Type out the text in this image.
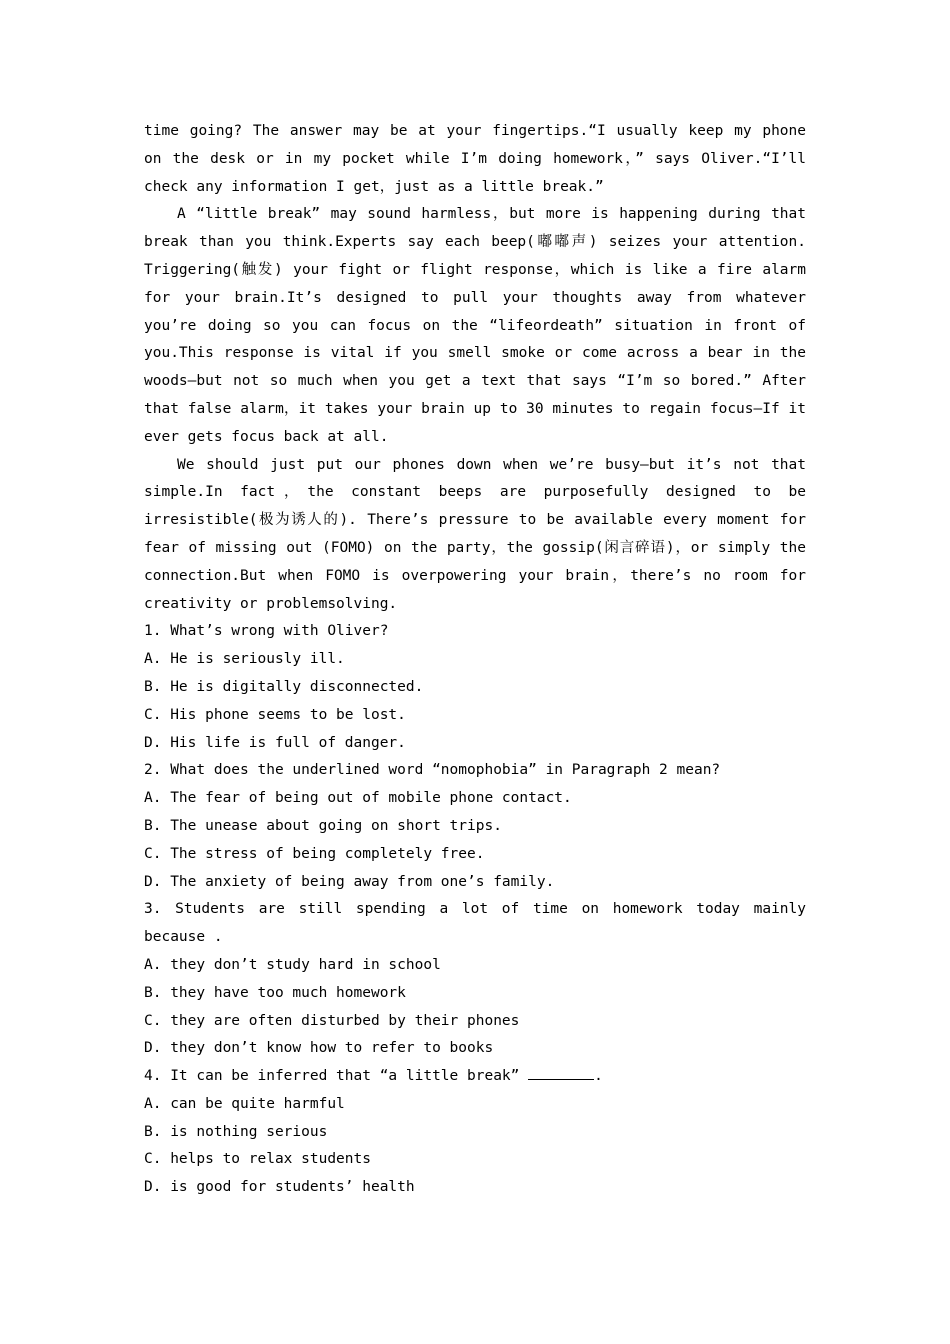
time going? The answer may be at your fingertips.“I usually keep my phone on the desk or in my pocket while I’m doing homework，” says Oliver.“I’ll check any information I get，just as a little break.”

A “little break” may sound harmless，but more is happening during that break than you think.Experts say each beep(嘟嘟声) seizes your attention. Triggering(触发) your fight or flight response，which is like a fire alarm for your brain.It’s designed to pull your thoughts away from whatever you’re doing so you can focus on the “lifeordeath” situation in front of you.This response is vital if you smell smoke or come across a bear in the woods—but not so much when you get a text that says “I’m so bored.” After that false alarm，it takes your brain up to 30 minutes to regain focus—If it ever gets focus back at all.

We should just put our phones down when we’re busy—but it’s not that simple.In fact，the constant beeps are purposefully designed to be irresistible(极为诱人的). There’s pressure to be available every moment for fear of missing out (FOMO) on the party，the gossip(闲言碎语)，or simply the connection.But when FOMO is overpowering your brain，there’s no room for creativity or problemsolving.

1. What’s wrong with Oliver?

A. He is seriously ill.

B. He is digitally disconnected.

C. His phone seems to be lost.

D. His life is full of danger.

2. What does the underlined word “nomophobia” in Paragraph 2 mean?

A. The fear of being out of mobile phone contact.

B. The unease about going on short trips.

C. The stress of being completely free.

D. The anxiety of being away from one’s family.

3. Students are still spending a lot of time on homework today mainly because .

A. they don’t study hard in school

B. they have too much homework

C. they are often disturbed by their phones

D. they don’t know how to refer to books

4. It can be inferred that “a little break”	.

A. can be quite harmful

B. is nothing serious

C. helps to relax students

D. is good for students’ health
